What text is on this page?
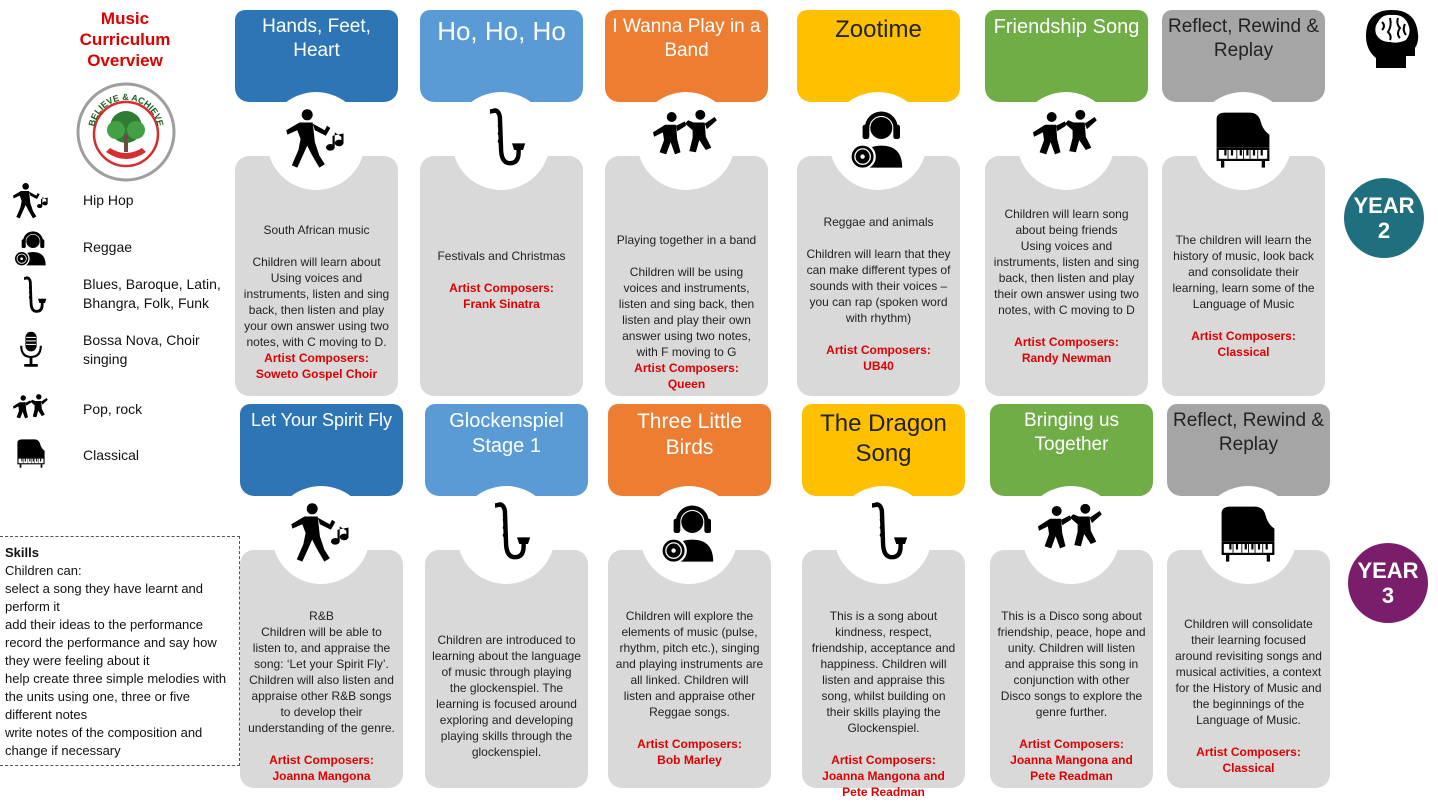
Music
Curriculum
Overview
BELIEVE & ACHIEVE
Hip Hop
Reggae
Blues, Baroque, Latin, Bhangra, Folk, Funk
Bossa Nova, Choir singing
Pop, rock
Classical
Skills
Children can:
select a song they have learnt and perform it
add their ideas to the performance
record the performance and say how they were feeling about it
help create three simple melodies with the units using one, three or five different notes
write notes of the composition and change if necessary
Hands, Feet, Heart
South African music

Children will learn about Using voices and instruments, listen and sing back, then listen and play your own answer using two notes, with C moving to D.
Artist Composers:
Soweto Gospel Choir
Ho, Ho, Ho
Festivals and Christmas
Artist Composers:
Frank Sinatra
I Wanna Play in a Band
Playing together in a band

Children will be using voices and instruments, listen and sing back, then listen and play their own answer using two notes, with F moving to G
Artist Composers:
Queen
Zootime
Reggae and animals

Children will learn that they can make different types of sounds with their voices – you can rap (spoken word with rhythm)
Artist Composers:
UB40
Friendship Song
Children will learn song about being friends
Using voices and instruments, listen and sing back, then listen and play their own answer using two notes, with C moving to D
Artist Composers:
Randy Newman
Reflect, Rewind & Replay
The children will learn the history of music, look back and consolidate their learning, learn some of the Language of Music
Artist Composers:
Classical
Let Your Spirit Fly
R&B
Children will be able to listen to, and appraise the song: ‘Let your Spirit Fly’. Children will also listen and appraise other R&B songs to develop their understanding of the genre.
Artist Composers:
Joanna Mangona
Glockenspiel Stage 1
Children are introduced to learning about the language of music through playing the glockenspiel. The learning is focused around exploring and developing playing skills through the glockenspiel.
Three Little Birds
Children will explore the elements of music (pulse, rhythm, pitch etc.), singing and playing instruments are all linked. Children will listen and appraise other Reggae songs.
Artist Composers:
Bob Marley
The Dragon Song
This is a song about kindness, respect, friendship, acceptance and happiness. Children will listen and appraise this song, whilst building on their skills playing the Glockenspiel.
Artist Composers:
Joanna Mangona and Pete Readman
Bringing us Together
This is a Disco song about friendship, peace, hope and unity. Children will listen and appraise this song in conjunction with other Disco songs to explore the genre further.
Artist Composers:
Joanna Mangona and Pete Readman
Reflect, Rewind & Replay
Children will consolidate their learning focused around revisiting songs and musical activities, a context for the History of Music and the beginnings of the Language of Music.
Artist Composers:
Classical
YEAR
2
YEAR
3
